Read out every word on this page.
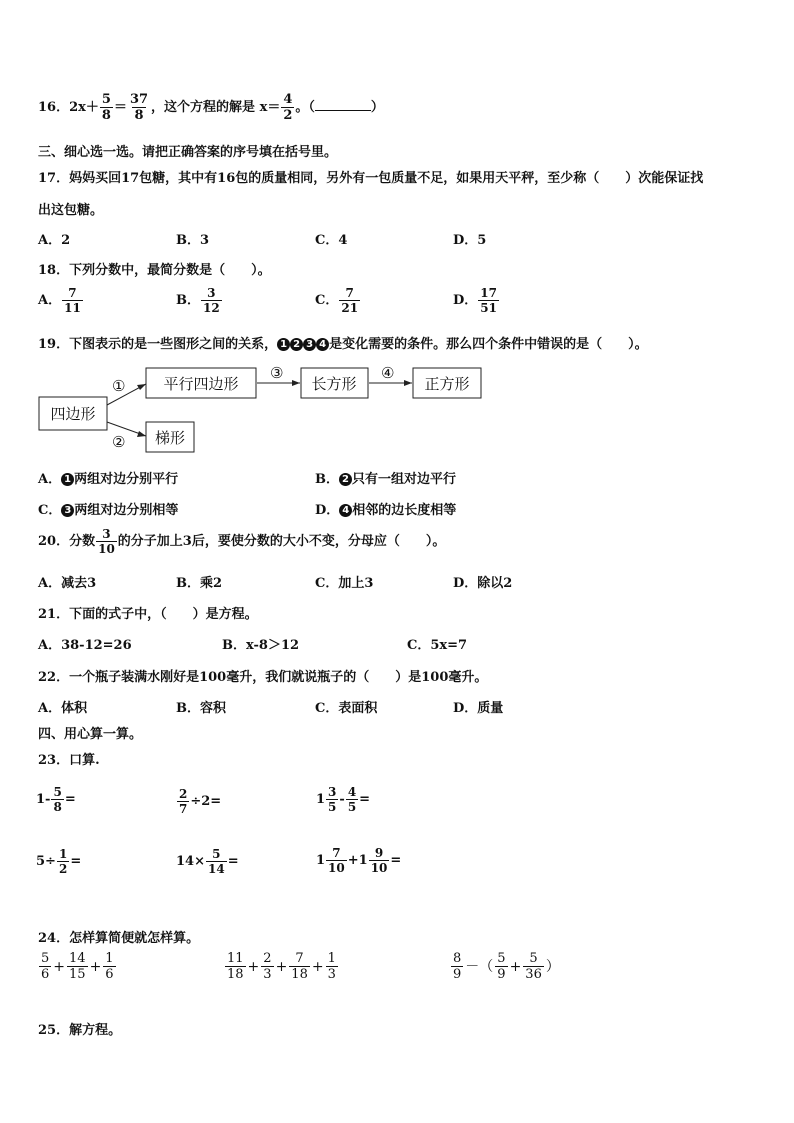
16．$2x+ \frac{5}{8} = \frac{37}{8}$ ，这个方程的解是 $x= \frac{4}{2}$ 。（	）
三、细心选一选。请把正确答案的序号填在括号里。
17．妈妈买回17包糖，其中有16包的质量相同，另外有一包质量不足，如果用天平秤，至少称（　　）次能保证找
出这包糖。
A．2	B．3	C．4	D．5
18．下列分数中，最简分数是（　　）。
A． $\frac{7}{11}$	B． $\frac{3}{12}$	C． $\frac{7}{21}$	D． $\frac{17}{51}$
19．下图表示的是一些图形之间的关系， 1 2 3 4 是变化需要的条件。那么四个条件中错误的是（　　）。
四边形
平行四边形	长方形	正方形
梯形
①
②
③	④
A． 1 两组对边分别平行	B． 2 只有一组对边平行
C． 3 两组对边分别相等	D． 4 相邻的边长度相等
20．分数 $\frac{3}{10}$ 的分子加上3后，要使分数的大小不变，分母应（　　）。
A．减去3	B．乘2	C．加上3	D．除以2
21．下面的式子中，（　　）是方程。
A．38-12=26	B．x-8＞12	C．5x=7
22．一个瓶子装满水刚好是100毫升，我们就说瓶子的（　　）是100毫升。
A．体积	B．容积	C．表面积	D．质量
四、用心算一算。
23．口算.
$1- \frac{5}{8}$ =	$\frac{2}{7} \div 2=$	$1 \frac{3}{5} - \frac{4}{5}$ =
$5\div \frac{1}{2}$ =	$14\times \frac{5}{14}$ =	$1 \frac{7}{10} +1 \frac{9}{10}$ =
24．怎样算简便就怎样算。
$\frac{5}{6} + \frac{14}{15} + \frac{1}{6}$	$\frac{11}{18} + \frac{2}{3} + \frac{7}{18} + \frac{1}{3}$	$\frac{8}{9}$ －（ $\frac{5}{9} + \frac{5}{36}$ ）
25．解方程。
